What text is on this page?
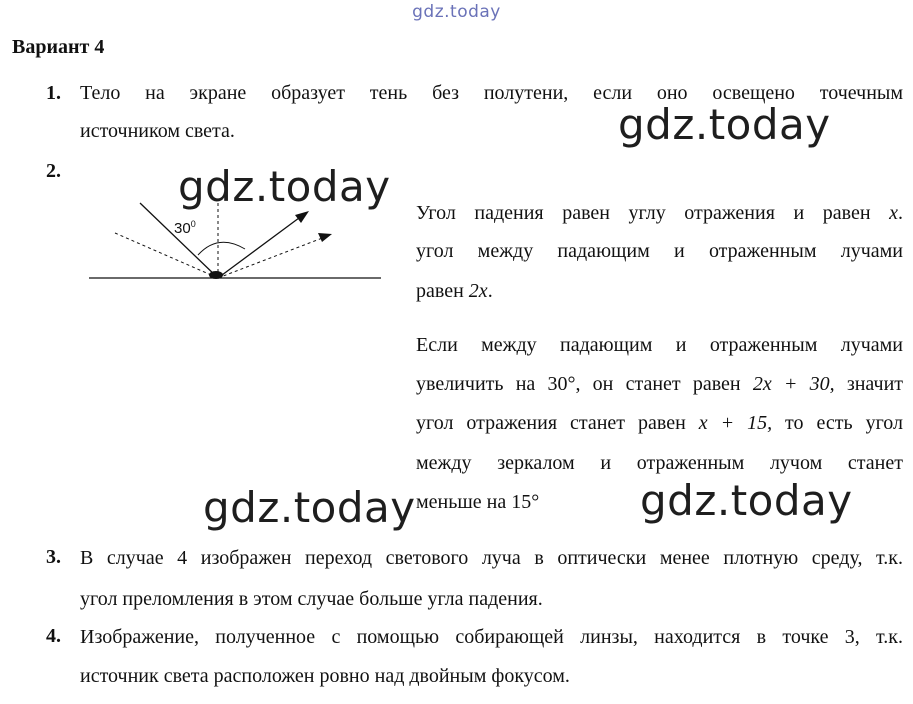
gdz.today
Вариант 4
1. Тело на экране образует тень без полутени, если оно освещено точечным
источником света.
2.
$30^0$	Угол падения равен углу отражения и равен x.
угол между падающим и отраженным лучами
равен 2x.
Если между падающим и отраженным лучами
увеличить на 30°, он станет равен 2x + 30, значит
угол отражения станет равен x + 15, то есть угол
между зеркалом и отраженным лучом станет
меньше на 15°
3. В случае 4 изображен переход светового луча в оптически менее плотную среду, т.к.
угол преломления в этом случае больше угла падения.
4. Изображение, полученное с помощью собирающей линзы, находится в точке 3, т.к.
источник света расположен ровно над двойным фокусом.
gdz.today
gdz.today
gdz.today	gdz.today
